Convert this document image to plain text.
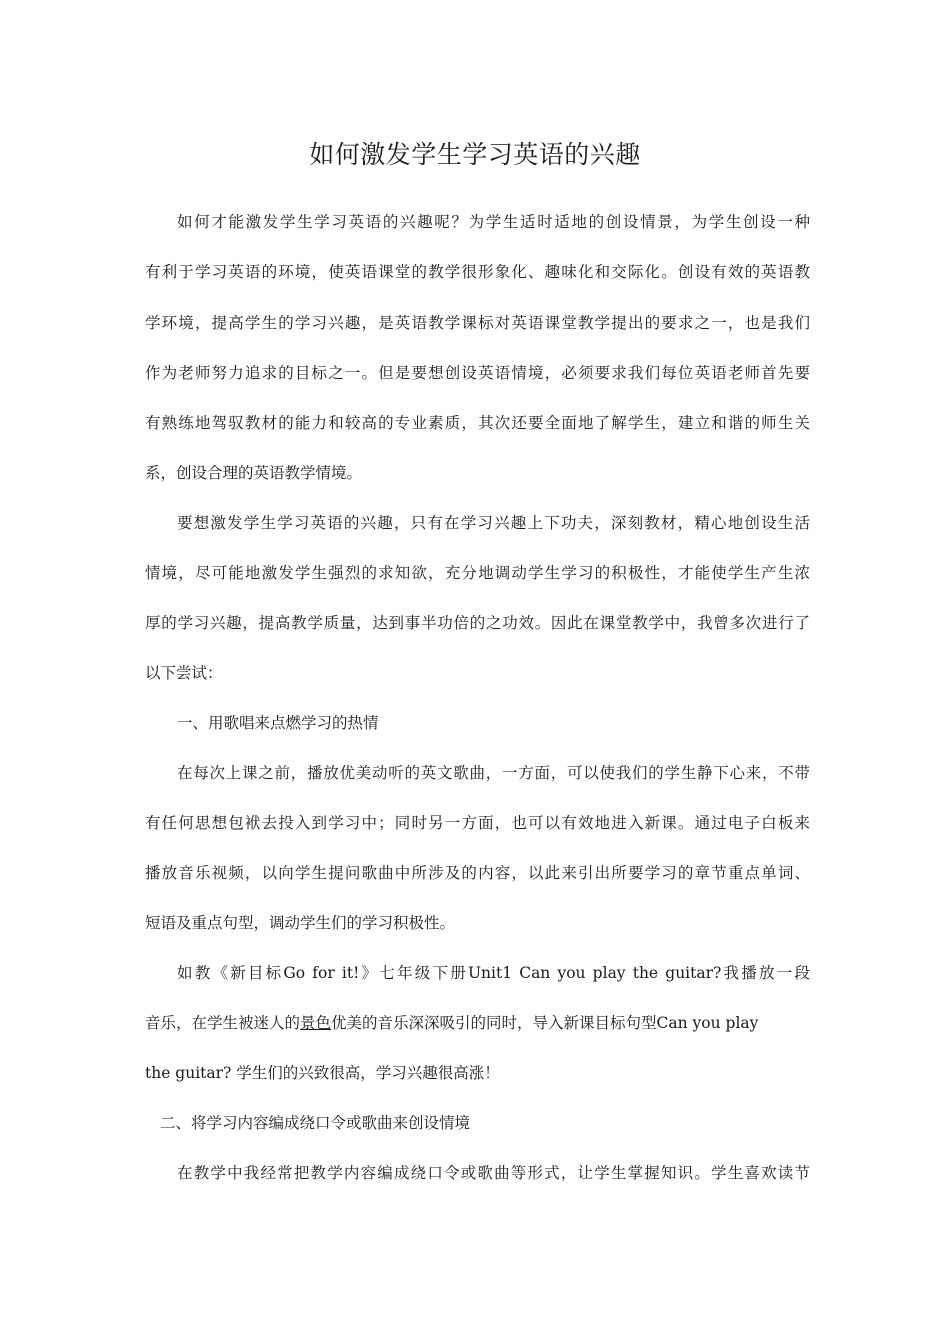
如何激发学生学习英语的兴趣

如何才能激发学生学习英语的兴趣呢？为学生适时适地的创设情景，为学生创设一种

有利于学习英语的环境，使英语课堂的教学很形象化、趣味化和交际化。创设有效的英语教

学环境，提高学生的学习兴趣，是英语教学课标对英语课堂教学提出的要求之一，也是我们

作为老师努力追求的目标之一。但是要想创设英语情境，必须要求我们每位英语老师首先要

有熟练地驾驭教材的能力和较高的专业素质，其次还要全面地了解学生，建立和谐的师生关

系，创设合理的英语教学情境。

要想激发学生学习英语的兴趣，只有在学习兴趣上下功夫，深刻教材，精心地创设生活

情境，尽可能地激发学生强烈的求知欲，充分地调动学生学习的积极性，才能使学生产生浓

厚的学习兴趣，提高教学质量，达到事半功倍的之功效。因此在课堂教学中，我曾多次进行了

以下尝试：

一、用歌唱来点燃学习的热情

在每次上课之前，播放优美动听的英文歌曲，一方面，可以使我们的学生静下心来，不带

有任何思想包袱去投入到学习中；同时另一方面，也可以有效地进入新课。通过电子白板来

播放音乐视频，以向学生提问歌曲中所涉及的内容，以此来引出所要学习的章节重点单词、

短语及重点句型，调动学生们的学习积极性。

如教《新目标Go for it!》七年级下册Unit1 Can you play the guitar?我播放一段

音乐，在学生被迷人的景色优美的音乐深深吸引的同时，导入新课目标句型Can you play

the guitar? 学生们的兴致很高，学习兴趣很高涨！

二、将学习内容编成绕口令或歌曲来创设情境

在教学中我经常把教学内容编成绕口令或歌曲等形式，让学生掌握知识。学生喜欢读节
